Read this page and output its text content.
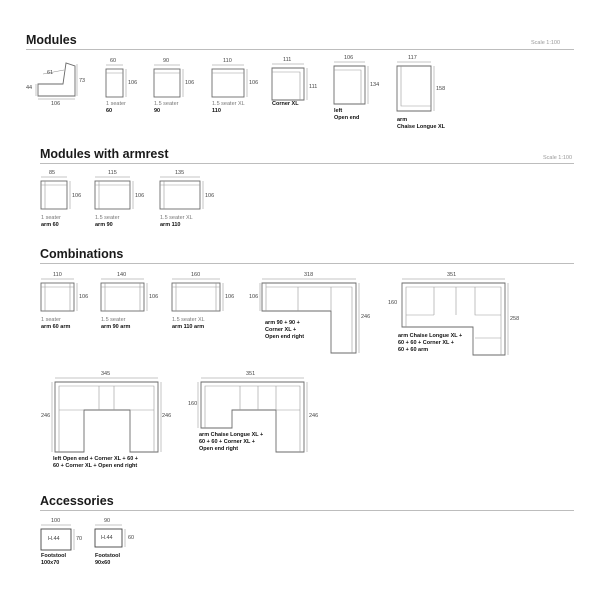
Modules	Scale 1:100
Modules with armrest	Scale 1:100
Combinations
Accessories
61
73
44
106
60
106
1 seater
60
90
106
1.5 seater
90
110
106
1.5 seater XL
110
111
111
Corner XL
106
134
left
Open end
117
158
arm
Chaise Longue XL
85
106
1 seater
arm 60
115
106
1.5 seater
arm 90
135
106
1.5 seater XL
arm 110
110
106
1 seater
arm 60 arm
140
106
1.5 seater
arm 90 arm
160
106
1.5 seater XL
arm 110 arm
318
106
246
arm 90 + 90 +
Corner XL +
Open end right
351
160
258
arm Chaise Longue XL +
60 + 60 + Corner XL +
60 + 60 arm
345
246	246
left Open end + Corner XL + 60 +
60 + Corner XL + Open end right
351
160
246
arm Chaise Longue XL +
60 + 60 + Corner XL +
Open end right
100
70
H.44
Footstool
100x70
90
60
H.44
Footstool
90x60
